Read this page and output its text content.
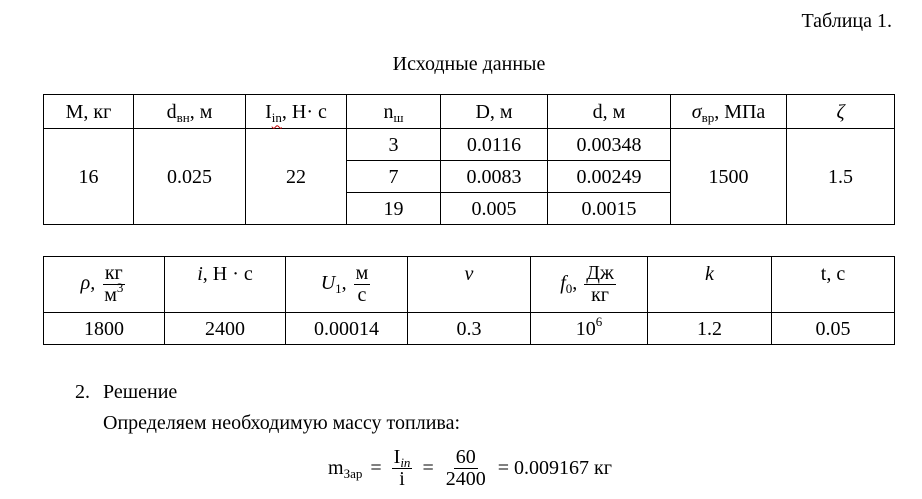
Таблица 1.
Исходные данные
M, кг	$d_{вн}$, м	$I_{in}$, Н· с	$n_ш$	D, м	d, м	$\sigma_{вр}$, МПа	ζ
16	0.025	22	3	0.0116	0.00348	1500	1.5
			7	0.0083	0.00249		
			19	0.005	0.0015		
ρ, $\frac{кг}{м^3}$	i, Н · с	$U_1$, $\frac{м}{с}$	v	$f_0$, $\frac{Дж}{кг}$	k	t, с
1800	2400	0.00014	0.3	$10^6$	1.2	0.05
2. Решение
Определяем необходимую массу топлива:
$m_{Зар} = \frac{I_{in}}{i} = \frac{60}{2400} = 0.009167$ кг
